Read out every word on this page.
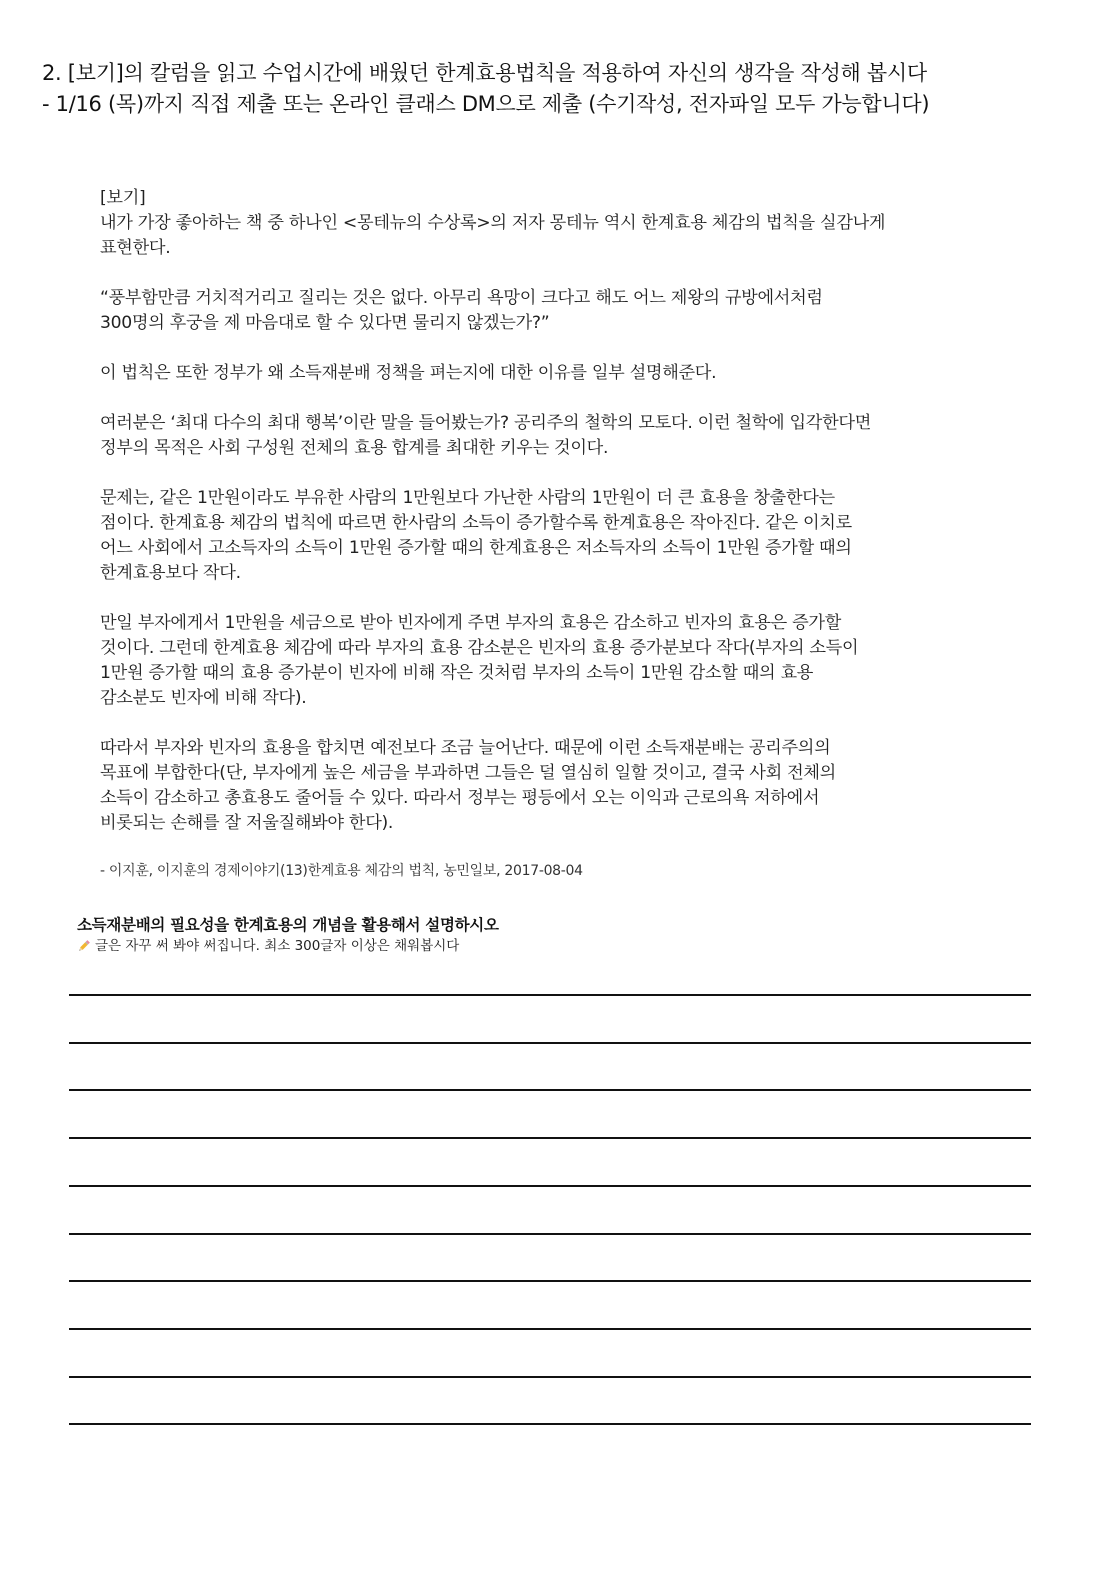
2. [보기]의 칼럼을 읽고 수업시간에 배웠던 한계효용법칙을 적용하여 자신의 생각을 작성해 봅시다
- 1/16 (목)까지 직접 제출 또는 온라인 클래스 DM으로 제출 (수기작성, 전자파일 모두 가능합니다)
[보기]
내가 가장 좋아하는 책 중 하나인 <몽테뉴의 수상록>의 저자 몽테뉴 역시 한계효용 체감의 법칙을 실감나게
표현한다.
“풍부함만큼 거치적거리고 질리는 것은 없다. 아무리 욕망이 크다고 해도 어느 제왕의 규방에서처럼
300명의 후궁을 제 마음대로 할 수 있다면 물리지 않겠는가?”
이 법칙은 또한 정부가 왜 소득재분배 정책을 펴는지에 대한 이유를 일부 설명해준다.
여러분은 ‘최대 다수의 최대 행복’이란 말을 들어봤는가? 공리주의 철학의 모토다. 이런 철학에 입각한다면
정부의 목적은 사회 구성원 전체의 효용 합계를 최대한 키우는 것이다.
문제는, 같은 1만원이라도 부유한 사람의 1만원보다 가난한 사람의 1만원이 더 큰 효용을 창출한다는
점이다. 한계효용 체감의 법칙에 따르면 한사람의 소득이 증가할수록 한계효용은 작아진다. 같은 이치로
어느 사회에서 고소득자의 소득이 1만원 증가할 때의 한계효용은 저소득자의 소득이 1만원 증가할 때의
한계효용보다 작다.
만일 부자에게서 1만원을 세금으로 받아 빈자에게 주면 부자의 효용은 감소하고 빈자의 효용은 증가할
것이다. 그런데 한계효용 체감에 따라 부자의 효용 감소분은 빈자의 효용 증가분보다 작다(부자의 소득이
1만원 증가할 때의 효용 증가분이 빈자에 비해 작은 것처럼 부자의 소득이 1만원 감소할 때의 효용
감소분도 빈자에 비해 작다).
따라서 부자와 빈자의 효용을 합치면 예전보다 조금 늘어난다. 때문에 이런 소득재분배는 공리주의의
목표에 부합한다(단, 부자에게 높은 세금을 부과하면 그들은 덜 열심히 일할 것이고, 결국 사회 전체의
소득이 감소하고 총효용도 줄어들 수 있다. 따라서 정부는 평등에서 오는 이익과 근로의욕 저하에서
비롯되는 손해를 잘 저울질해봐야 한다).
- 이지훈, 이지훈의 경제이야기(13)한계효용 체감의 법칙, 농민일보, 2017-08-04
소득재분배의 필요성을 한계효용의 개념을 활용해서 설명하시오
글은 자꾸 써 봐야 써집니다. 최소 300글자 이상은 채워봅시다
